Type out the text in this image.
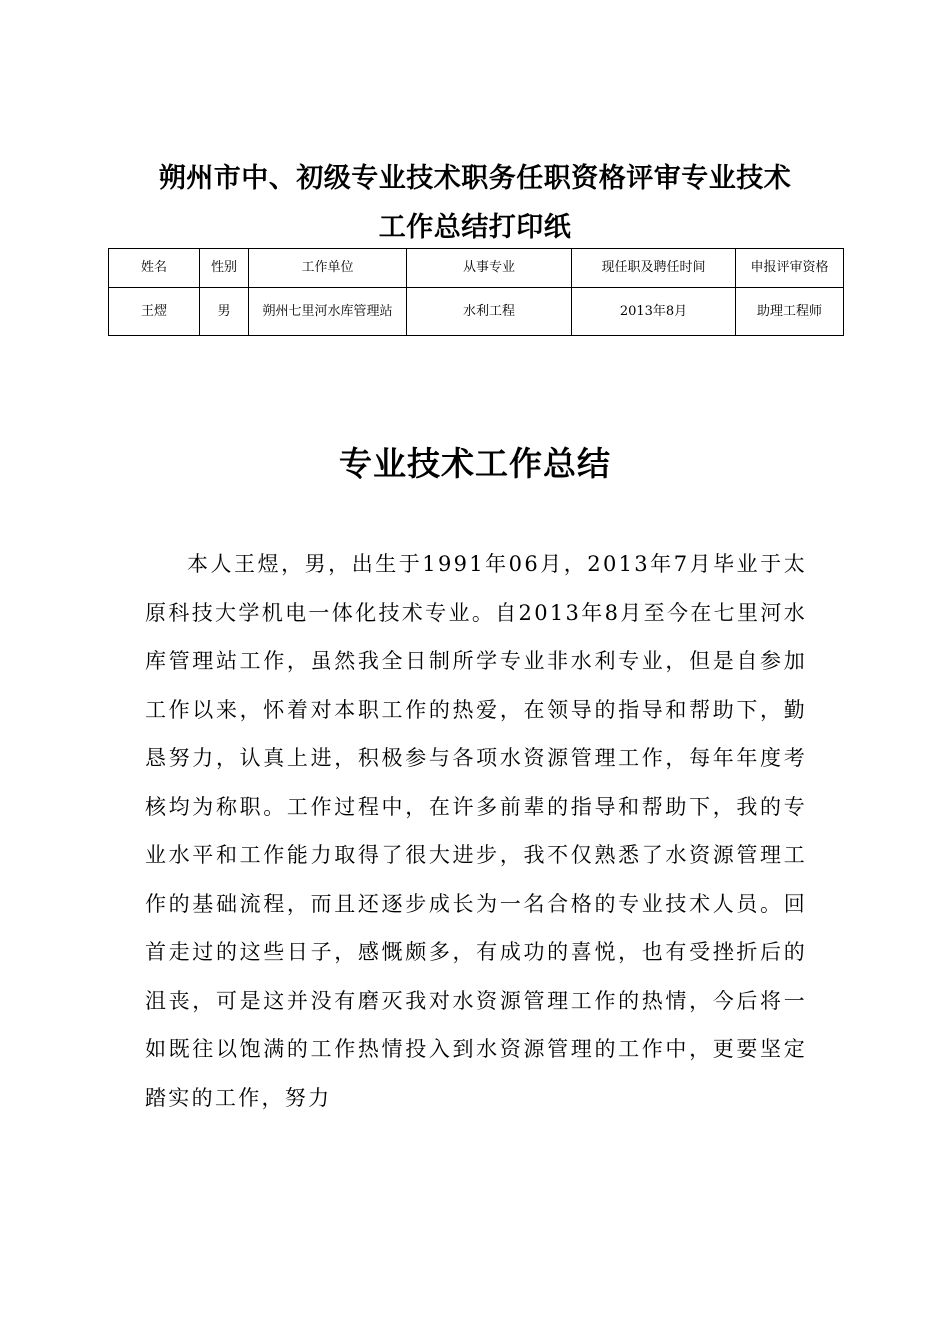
朔州市中、初级专业技术职务任职资格评审专业技术
工作总结打印纸
姓名	性别	工作单位	从事专业	现任职及聘任时间	申报评审资格
王熤	男	朔州七里河水库管理站	水利工程	2013年8月	助理工程师
专业技术工作总结

本人王煜，男，出生于1991年06月，2013年7月毕业于太原科技大学机电一体化技术专业。自2013年8月至今在七里河水库管理站工作，虽然我全日制所学专业非水利专业，但是自参加工作以来，怀着对本职工作的热爱，在领导的指导和帮助下，勤恳努力，认真上进，积极参与各项水资源管理工作，每年年度考核均为称职。工作过程中，在许多前辈的指导和帮助下，我的专业水平和工作能力取得了很大进步，我不仅熟悉了水资源管理工作的基础流程，而且还逐步成长为一名合格的专业技术人员。回首走过的这些日子，感慨颇多，有成功的喜悦，也有受挫折后的沮丧，可是这并没有磨灭我对水资源管理工作的热情，今后将一如既往以饱满的工作热情投入到水资源管理的工作中，更要坚定踏实的工作，努力
